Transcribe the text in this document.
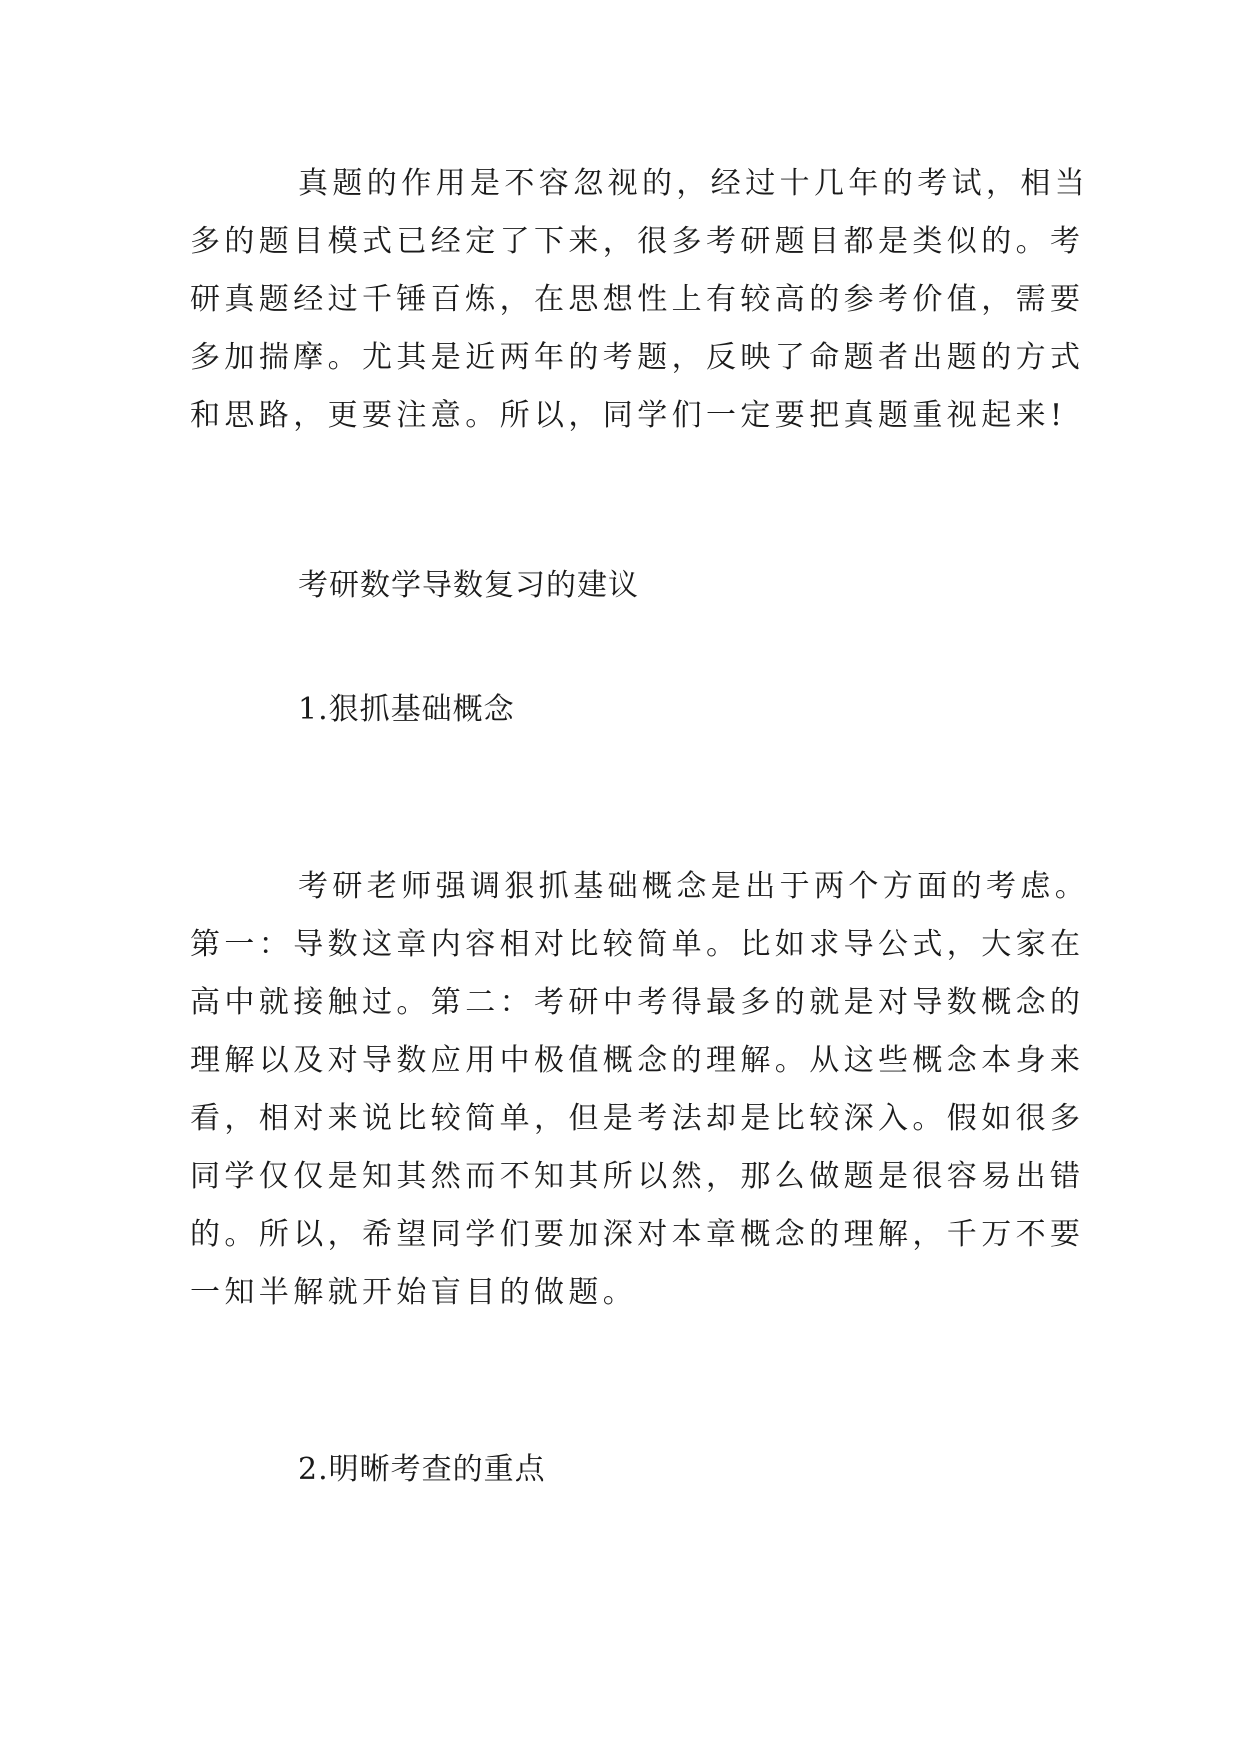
真题的作用是不容忽视的，经过十几年的考试，相当
多的题目模式已经定了下来，很多考研题目都是类似的。考
研真题经过千锤百炼，在思想性上有较高的参考价值，需要
多加揣摩。尤其是近两年的考题，反映了命题者出题的方式
和思路，更要注意。所以，同学们一定要把真题重视起来!
考研数学导数复习的建议
1.狠抓基础概念
考研老师强调狠抓基础概念是出于两个方面的考虑。
第一：导数这章内容相对比较简单。比如求导公式，大家在
高中就接触过。第二：考研中考得最多的就是对导数概念的
理解以及对导数应用中极值概念的理解。从这些概念本身来
看，相对来说比较简单，但是考法却是比较深入。假如很多
同学仅仅是知其然而不知其所以然，那么做题是很容易出错
的。所以，希望同学们要加深对本章概念的理解，千万不要
一知半解就开始盲目的做题。
2.明晰考查的重点
